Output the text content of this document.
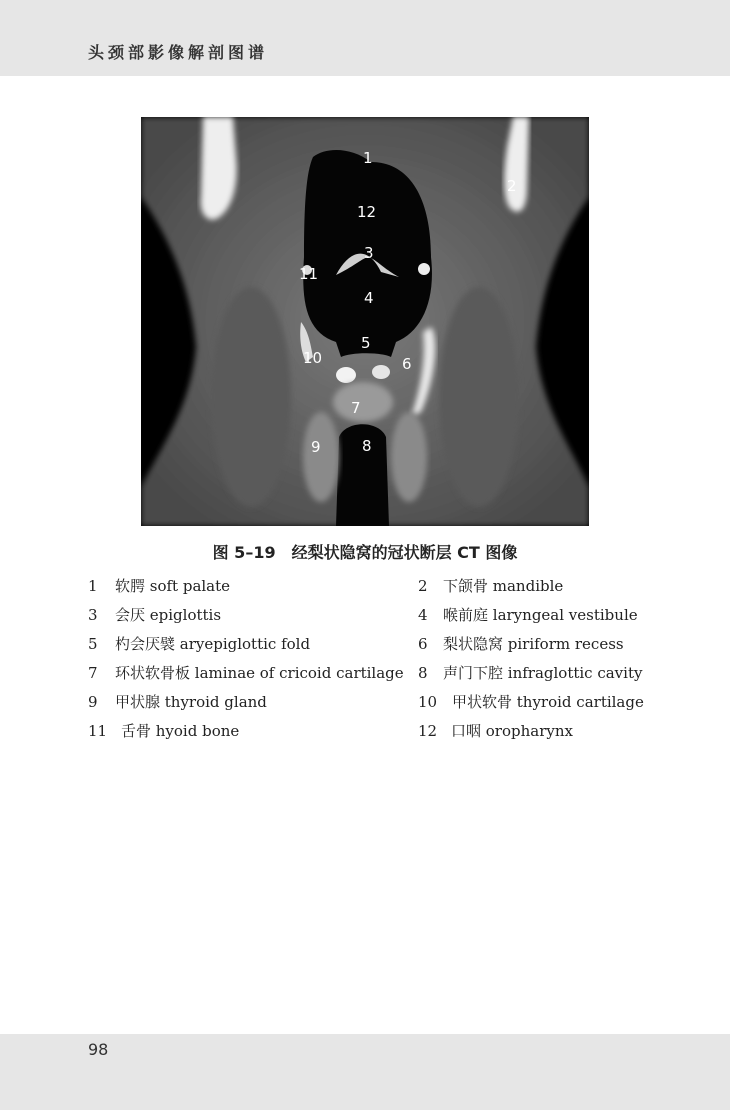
头颈部影像解剖图谱
1
2
3
4
5
6
7
8
9
10
11
12
图 5–19　经梨状隐窝的冠状断层 CT 图像
1 软腭 soft palate	2 下颌骨 mandible
3 会厌 epiglottis	4 喉前庭 laryngeal vestibule
5 杓会厌襞 aryepiglottic fold	6 梨状隐窝 piriform recess
7 环状软骨板 laminae of cricoid cartilage 8 声门下腔 infraglottic cavity
9 甲状腺 thyroid gland	10 甲状软骨 thyroid cartilage
11 舌骨 hyoid bone	12 口咽 oropharynx
98
